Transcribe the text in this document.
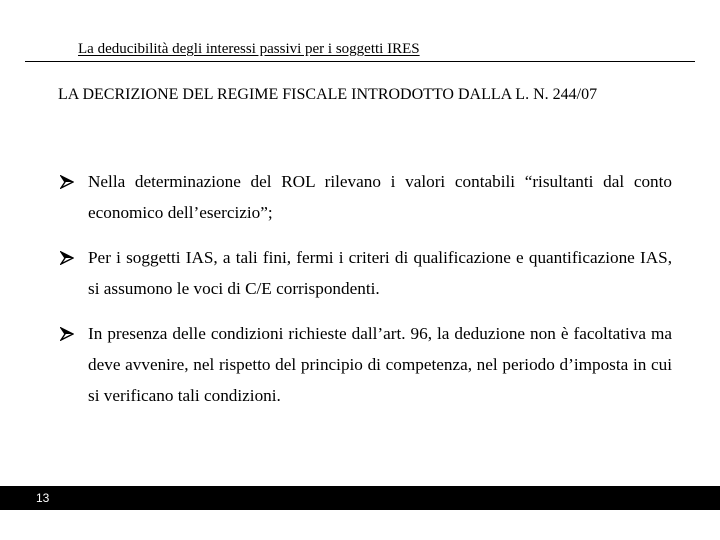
La deducibilità degli interessi passivi per i soggetti IRES
LA DECRIZIONE DEL REGIME FISCALE INTRODOTTO DALLA L. N. 244/07
Nella determinazione del ROL rilevano i valori contabili “risultanti dal conto economico dell’esercizio”;
Per i soggetti IAS, a tali fini, fermi i criteri di qualificazione e quantificazione IAS, si assumono le voci di C/E corrispondenti.
In presenza delle condizioni richieste dall’art. 96, la deduzione non è facoltativa ma deve avvenire, nel rispetto del principio di competenza, nel periodo d’imposta in cui si verificano tali condizioni.
13
